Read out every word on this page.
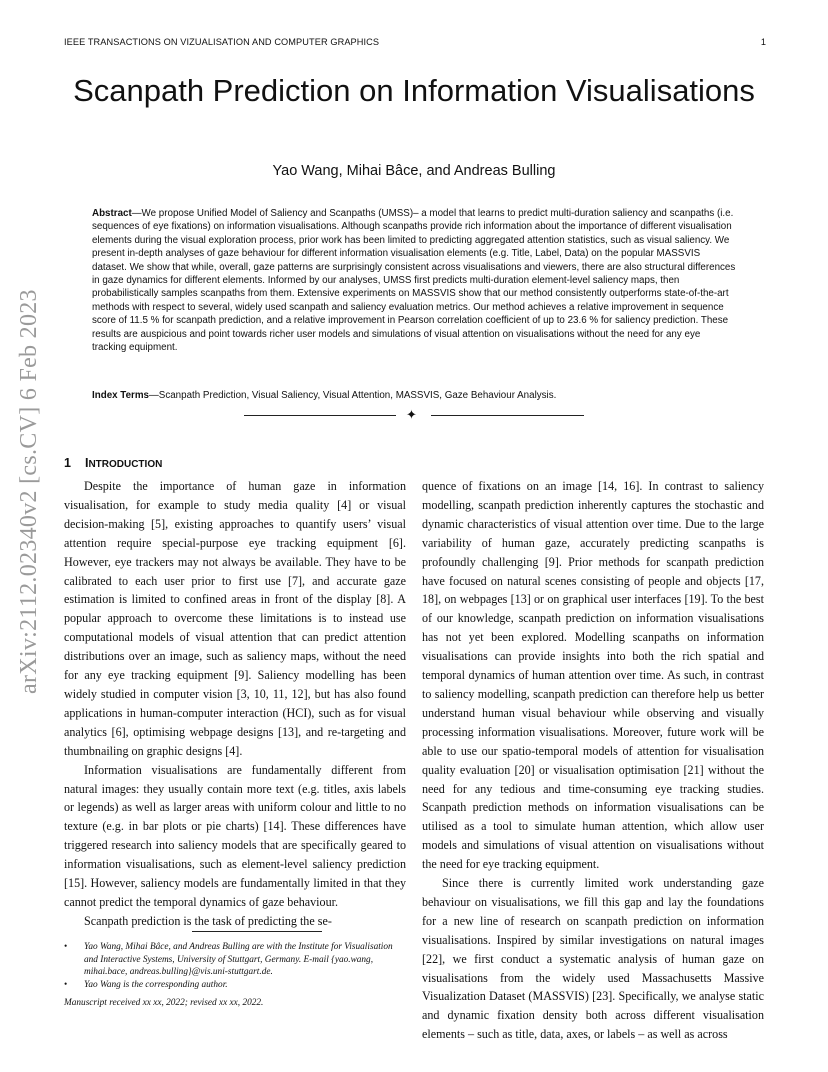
IEEE TRANSACTIONS ON VIZUALISATION AND COMPUTER GRAPHICS	1
arXiv:2112.02340v2 [cs.CV] 6 Feb 2023
Scanpath Prediction on Information Visualisations
Yao Wang, Mihai Bâce, and Andreas Bulling

Abstract—We propose Unified Model of Saliency and Scanpaths (UMSS)– a model that learns to predict multi-duration saliency and scanpaths (i.e. sequences of eye fixations) on information visualisations. Although scanpaths provide rich information about the importance of different visualisation elements during the visual exploration process, prior work has been limited to predicting aggregated attention statistics, such as visual saliency. We present in-depth analyses of gaze behaviour for different information visualisation elements (e.g. Title, Label, Data) on the popular MASSVIS dataset. We show that while, overall, gaze patterns are surprisingly consistent across visualisations and viewers, there are also structural differences in gaze dynamics for different elements. Informed by our analyses, UMSS first predicts multi-duration element-level saliency maps, then probabilistically samples scanpaths from them. Extensive experiments on MASSVIS show that our method consistently outperforms state-of-the-art methods with respect to several, widely used scanpath and saliency evaluation metrics. Our method achieves a relative improvement in sequence score of 11.5 % for scanpath prediction, and a relative improvement in Pearson correlation coefficient of up to 23.6 % for saliency prediction. These results are auspicious and point towards richer user models and simulations of visual attention on visualisations without the need for any eye tracking equipment.

Index Terms—Scanpath Prediction, Visual Saliency, Visual Attention, MASSVIS, Gaze Behaviour Analysis.

✦
1 INTRODUCTION

Despite the importance of human gaze in information visualisation, for example to study media quality [4] or visual decision-making [5], existing approaches to quantify users’ visual attention require special-purpose eye tracking equipment [6]. However, eye trackers may not always be available. They have to be calibrated to each user prior to first use [7], and accurate gaze estimation is limited to confined areas in front of the display [8]. A popular approach to overcome these limitations is to instead use computational models of visual attention that can predict attention distributions over an image, such as saliency maps, without the need for any eye tracking equipment [9]. Saliency modelling has been widely studied in computer vision [3, 10, 11, 12], but has also found applications in human-computer interaction (HCI), such as for visual analytics [6], optimising webpage designs [13], and re-targeting and thumbnailing on graphic designs [4].

Information visualisations are fundamentally different from natural images: they usually contain more text (e.g. titles, axis labels or legends) as well as larger areas with uniform colour and little to no texture (e.g. in bar plots or pie charts) [14]. These differences have triggered research into saliency models that are specifically geared to information visualisations, such as element-level saliency prediction [15]. However, saliency models are fundamentally limited in that they cannot predict the temporal dynamics of gaze behaviour.

Scanpath prediction is the task of predicting the se-

quence of fixations on an image [14, 16]. In contrast to saliency modelling, scanpath prediction inherently captures the stochastic and dynamic characteristics of visual attention over time. Due to the large variability of human gaze, accurately predicting scanpaths is profoundly challenging [9]. Prior methods for scanpath prediction have focused on natural scenes consisting of people and objects [17, 18], on webpages [13] or on graphical user interfaces [19]. To the best of our knowledge, scanpath prediction on information visualisations has not yet been explored. Modelling scanpaths on information visualisations can provide insights into both the rich spatial and temporal dynamics of human attention over time. As such, in contrast to saliency modelling, scanpath prediction can therefore help us better understand human visual behaviour while observing and visually processing information visualisations. Moreover, future work will be able to use our spatio-temporal models of attention for visualisation quality evaluation [20] or visualisation optimisation [21] without the need for any tedious and time-consuming eye tracking studies. Scanpath prediction methods on information visualisations can be utilised as a tool to simulate human attention, which allow user models and simulations of visual attention on visualisations without the need for eye tracking equipment.

Since there is currently limited work understanding gaze behaviour on visualisations, we fill this gap and lay the foundations for a new line of research on scanpath prediction on information visualisations. Inspired by similar investigations on natural images [22], we first conduct a systematic analysis of human gaze on visualisations from the widely used Massachusetts Massive Visualization Dataset (MASSVIS) [23]. Specifically, we analyse static and dynamic fixation density both across different visualisation elements – such as title, data, axes, or labels – as well as across

• Yao Wang, Mihai Bâce, and Andreas Bulling are with the Institute for Visualisation and Interactive Systems, University of Stuttgart, Germany. E-mail {yao.wang, mihai.bace, andreas.bulling}@vis.uni-stuttgart.de.
• Yao Wang is the corresponding author.
Manuscript received xx xx, 2022; revised xx xx, 2022.
